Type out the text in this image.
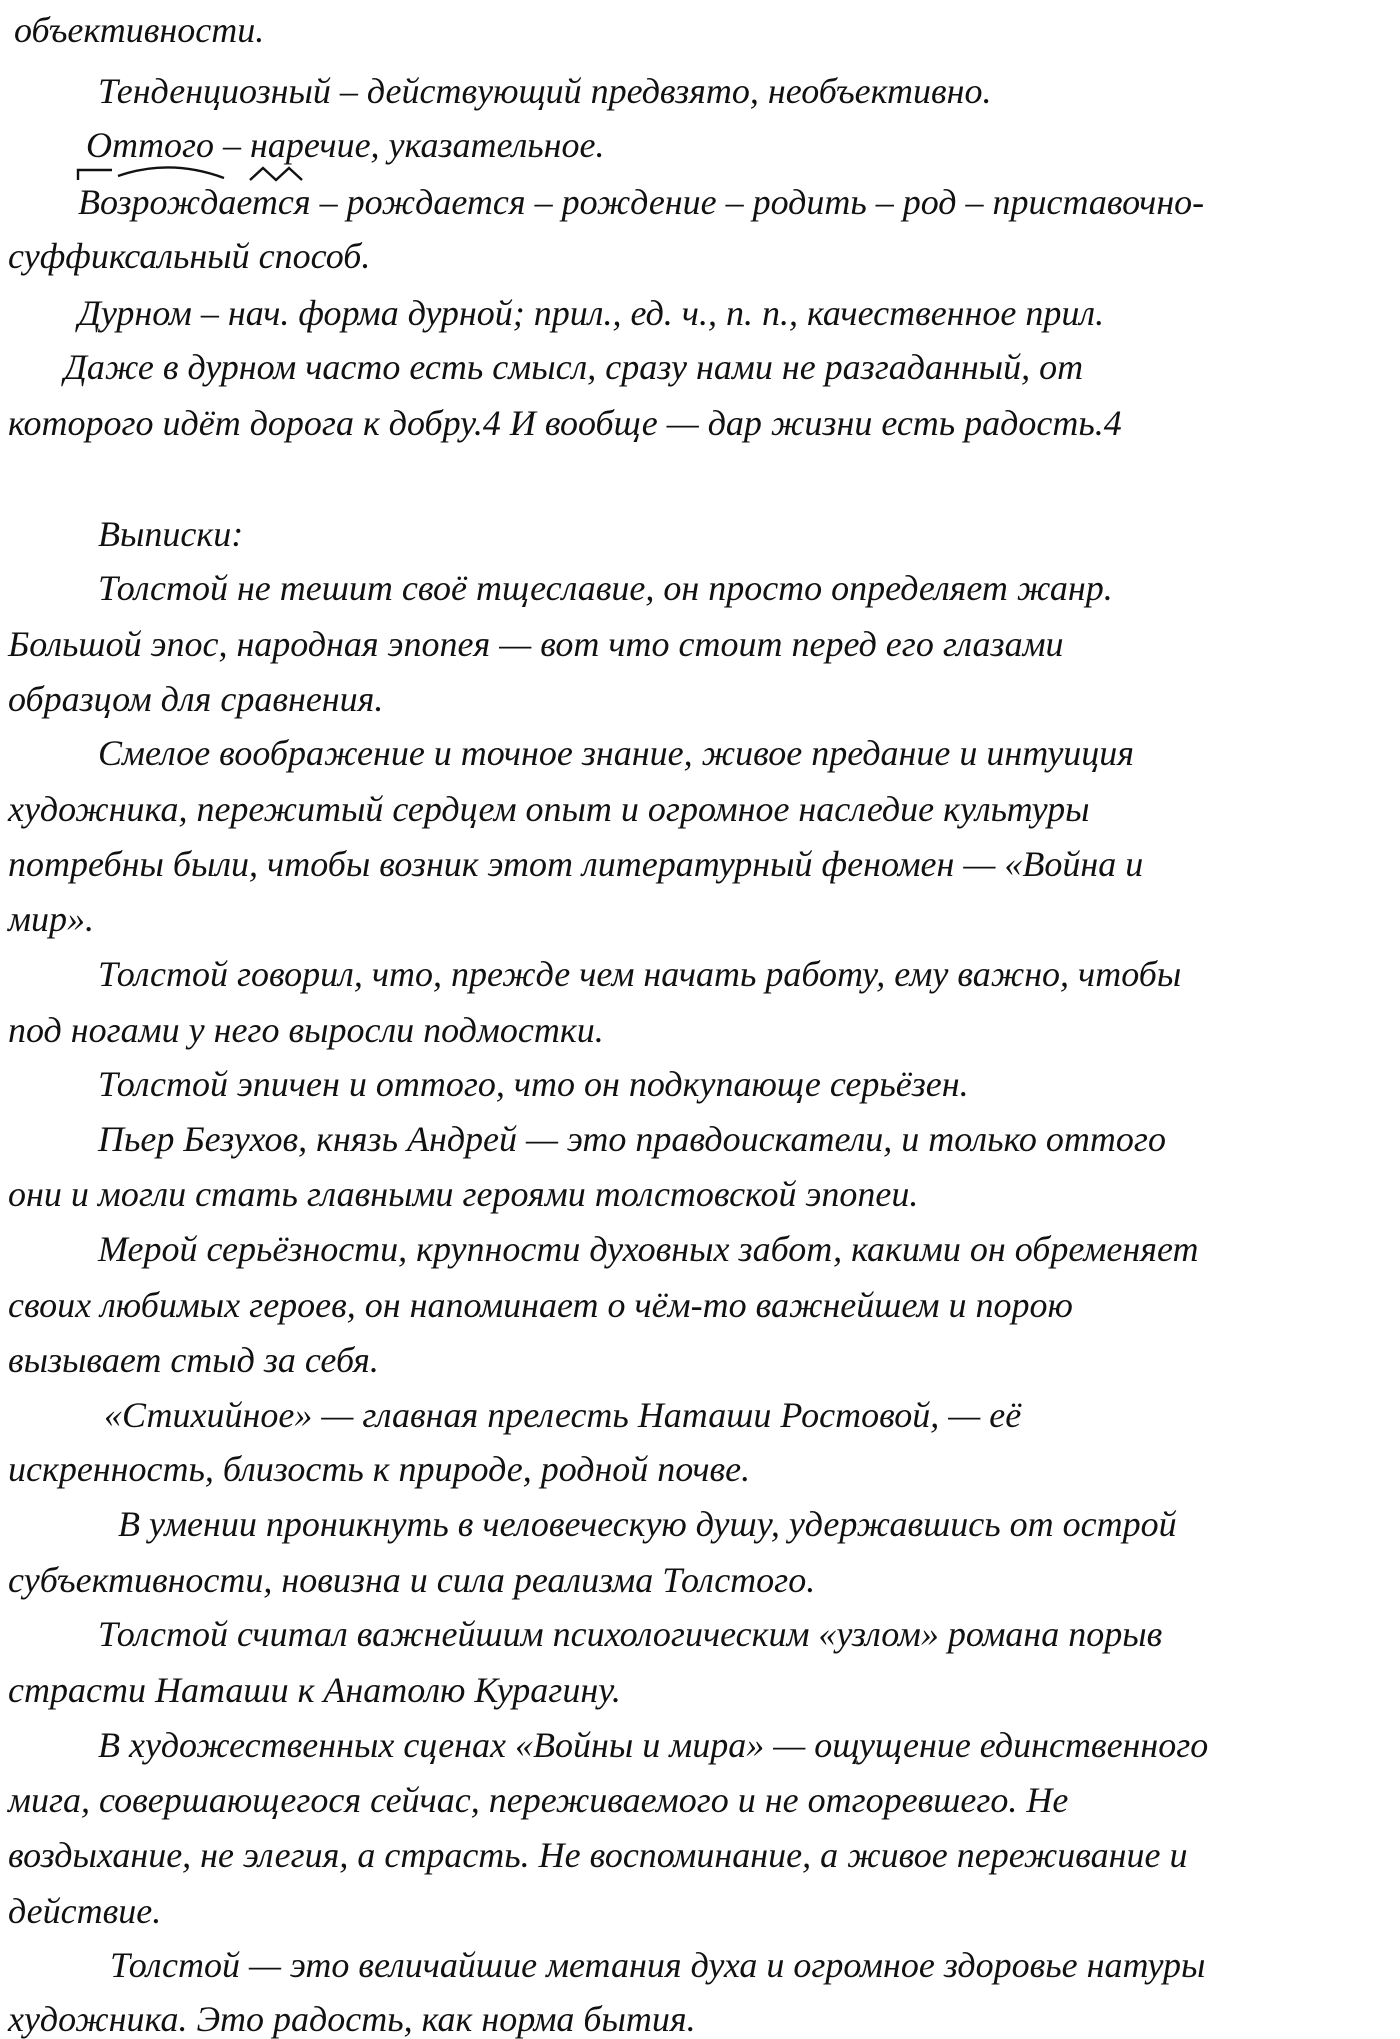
объективности.
Тенденциозный – действующий предвзято, необъективно.
Оттого – наречие, указательное.
Возрождается – рождается – рождение – родить – род – приставочно-
суффиксальный способ.
Дурном – нач. форма дурной; прил., ед. ч., п. п., качественное прил.
Даже в дурном часто есть смысл, сразу нами не разгаданный, от
которого идёт дорога к добру.4 И вообще — дар жизни есть радость.4
Выписки:
Толстой не тешит своё тщеславие, он просто определяет жанр.
Большой эпос, народная эпопея — вот что стоит перед его глазами
образцом для сравнения.
Смелое воображение и точное знание, живое предание и интуиция
художника, пережитый сердцем опыт и огромное наследие культуры
потребны были, чтобы возник этот литературный феномен — «Война и
мир».
Толстой говорил, что, прежде чем начать работу, ему важно, чтобы
под ногами у него выросли подмостки.
Толстой эпичен и оттого, что он подкупающе серьёзен.
Пьер Безухов, князь Андрей — это правдоискатели, и только оттого
они и могли стать главными героями толстовской эпопеи.
Мерой серьёзности, крупности духовных забот, какими он обременяет
своих любимых героев, он напоминает о чём-то важнейшем и порою
вызывает стыд за себя.
«Стихийное» — главная прелесть Наташи Ростовой, — её
искренность, близость к природе, родной почве.
В умении проникнуть в человеческую душу, удержавшись от острой
субъективности, новизна и сила реализма Толстого.
Толстой считал важнейшим психологическим «узлом» романа порыв
страсти Наташи к Анатолю Курагину.
В художественных сценах «Войны и мира» — ощущение единственного
мига, совершающегося сейчас, переживаемого и не отгоревшего. Не
воздыхание, не элегия, а страсть. Не воспоминание, а живое переживание и
действие.
Толстой — это величайшие метания духа и огромное здоровье натуры
художника. Это радость, как норма бытия.
